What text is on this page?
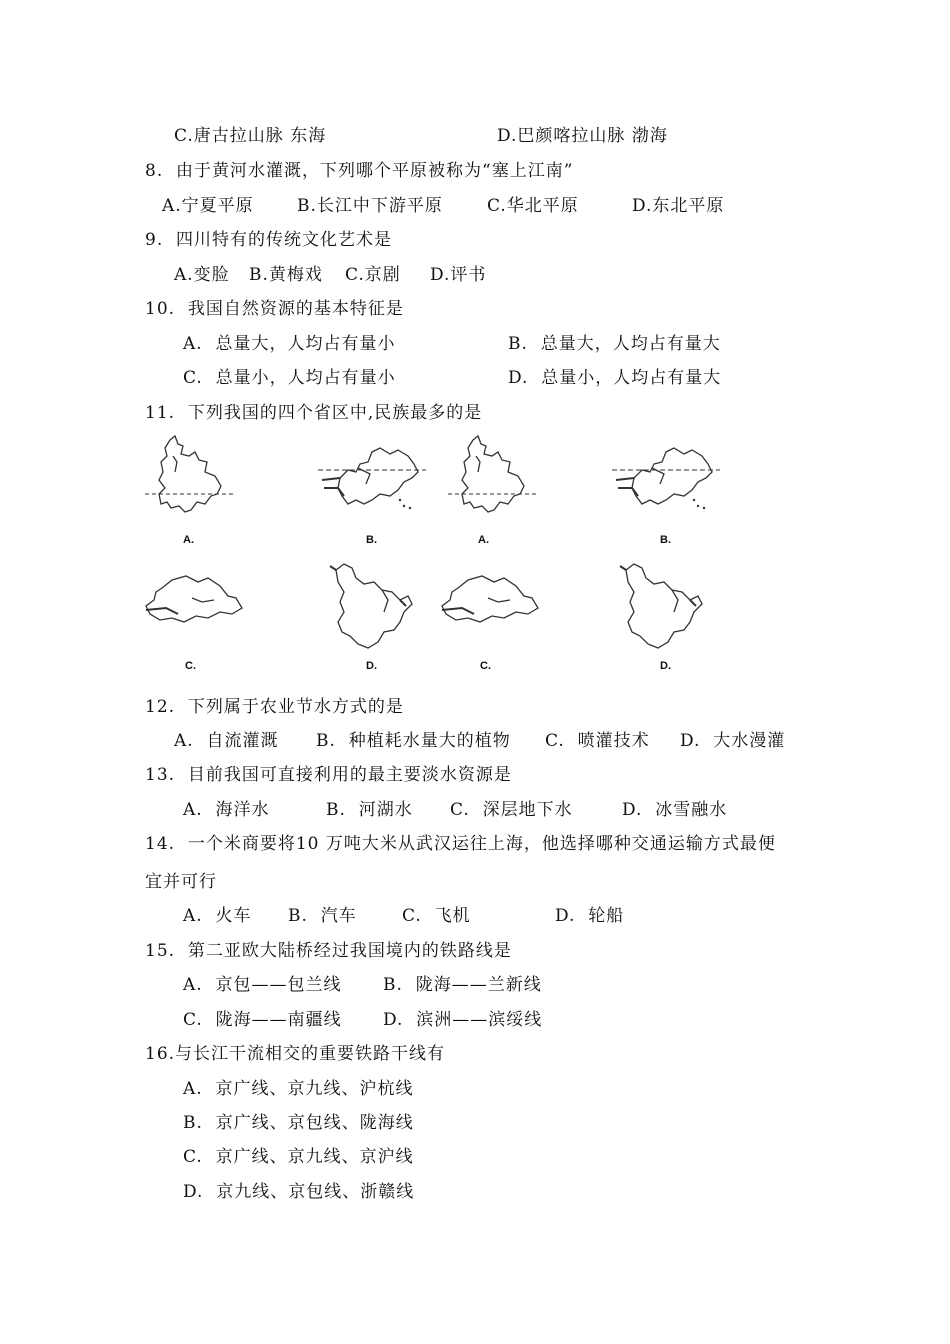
C.唐古拉山脉 东海	D.巴颜喀拉山脉 渤海
8.  由于黄河水灌溉，下列哪个平原被称为“塞上江南”
A.宁夏平原	B.长江中下游平原	C.华北平原	D.东北平原
9.  四川特有的传统文化艺术是
A.变脸 B.黄梅戏 C.京剧 D.评书
10.  我国自然资源的基本特征是
A.  总量大，人均占有量小	B.  总量大，人均占有量大
C.  总量小，人均占有量小	D.  总量小，人均占有量大
11.  下列我国的四个省区中,民族最多的是
A.	B.	A.	B.
C.	D.	C.	D.
12.  下列属于农业节水方式的是
A.  自流灌溉 B.  种植耗水量大的植物 C.  喷灌技术 D.  大水漫灌
13.  目前我国可直接利用的最主要淡水资源是
A.  海洋水	B.  河湖水 C.  深层地下水	D.  冰雪融水
14.  一个米商要将10 万吨大米从武汉运往上海，他选择哪种交通运输方式最便
宜并可行
A.  火车 B.  汽车	C.  飞机	D.  轮船
15.  第二亚欧大陆桥经过我国境内的铁路线是
A.  京包——包兰线 B.  陇海——兰新线
C.  陇海——南疆线 D.  滨洲——滨绥线
16.与长江干流相交的重要铁路干线有
A.  京广线、京九线、沪杭线
B.  京广线、京包线、陇海线
C.  京广线、京九线、京沪线
D.  京九线、京包线、浙赣线
